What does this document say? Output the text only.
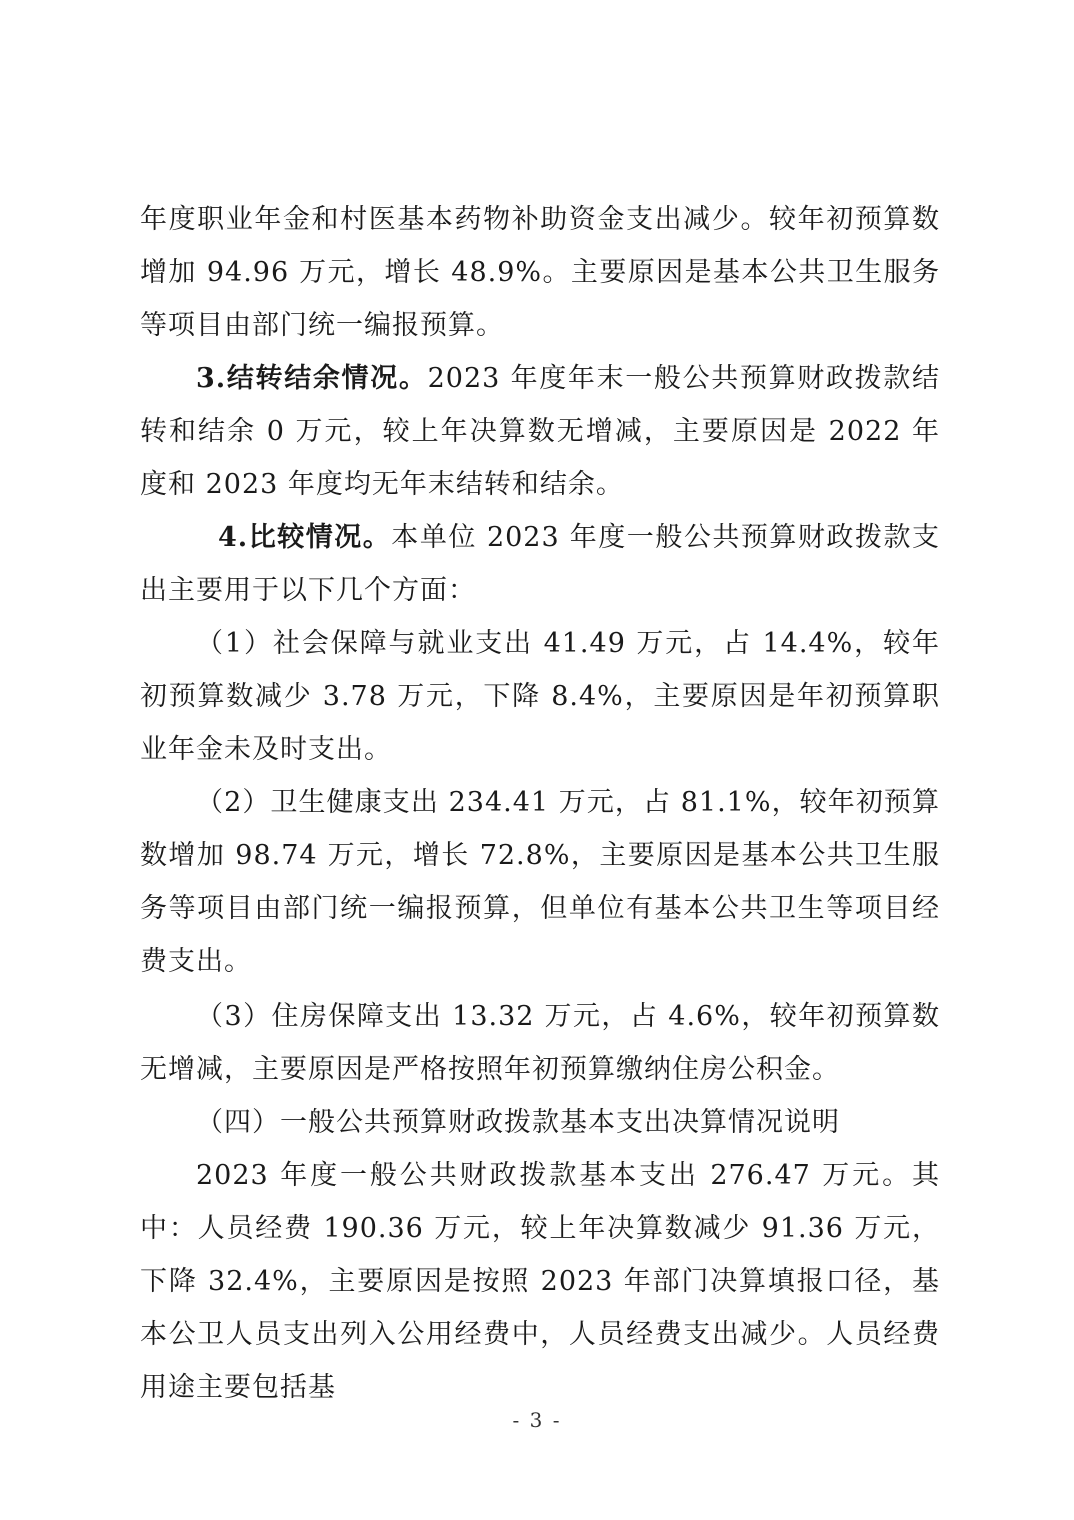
年度职业年金和村医基本药物补助资金支出减少。较年初预算数增加 94.96 万元，增长 48.9%。主要原因是基本公共卫生服务等项目由部门统一编报预算。

3.结转结余情况。2023 年度年末一般公共预算财政拨款结转和结余 0 万元，较上年决算数无增减，主要原因是 2022 年度和 2023 年度均无年末结转和结余。

4.比较情况。本单位 2023 年度一般公共预算财政拨款支出主要用于以下几个方面：

（1）社会保障与就业支出 41.49 万元，占 14.4%，较年初预算数减少 3.78 万元，下降 8.4%，主要原因是年初预算职业年金未及时支出。

（2）卫生健康支出 234.41 万元，占 81.1%，较年初预算数增加 98.74 万元，增长 72.8%，主要原因是基本公共卫生服务等项目由部门统一编报预算，但单位有基本公共卫生等项目经费支出。

（3）住房保障支出 13.32 万元，占 4.6%，较年初预算数无增减，主要原因是严格按照年初预算缴纳住房公积金。

（四）一般公共预算财政拨款基本支出决算情况说明

2023 年度一般公共财政拨款基本支出 276.47 万元。其中：人员经费 190.36 万元，较上年决算数减少 91.36 万元，下降 32.4%，主要原因是按照 2023 年部门决算填报口径，基本公卫人员支出列入公用经费中，人员经费支出减少。人员经费用途主要包括基

- 3 -
